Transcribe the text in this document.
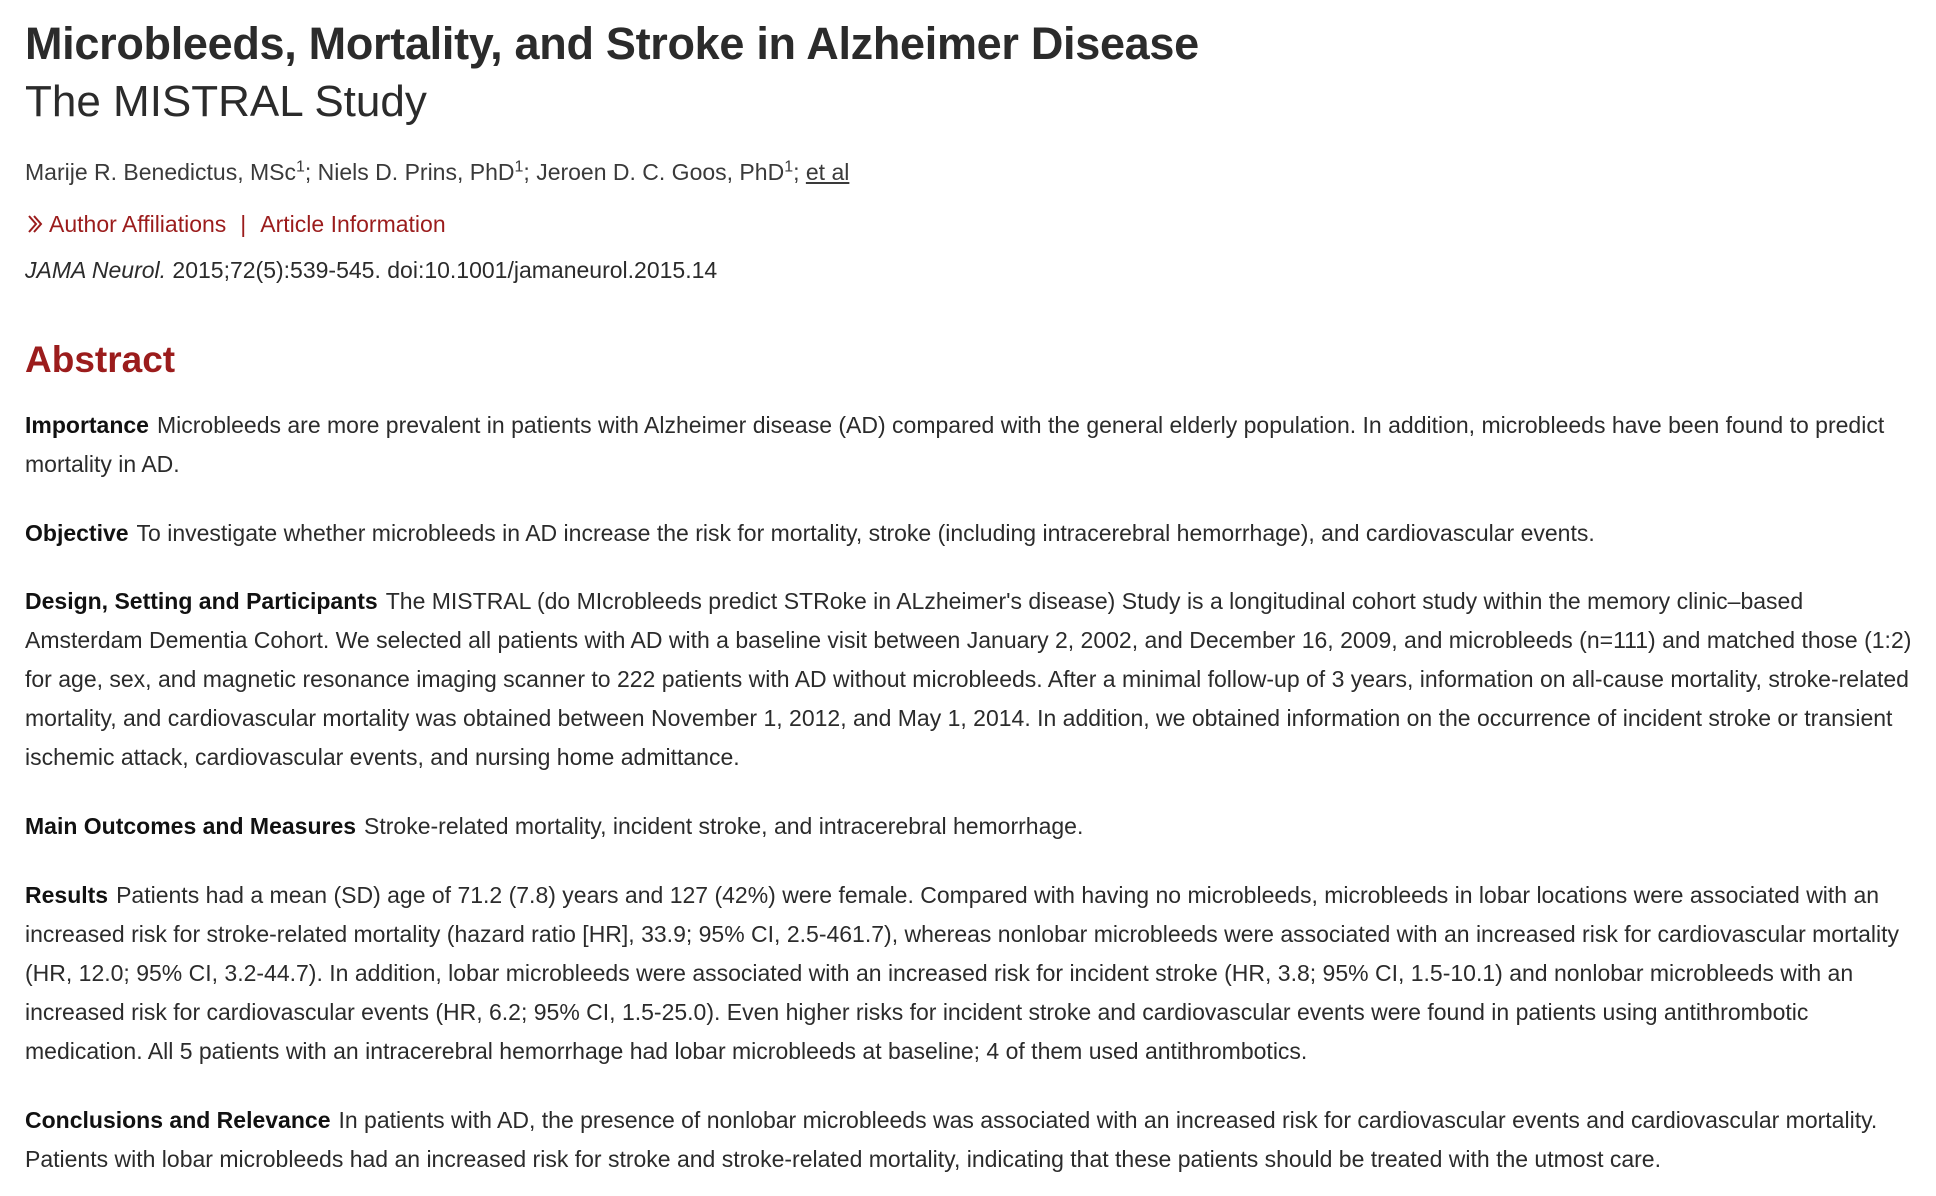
Microbleeds, Mortality, and Stroke in Alzheimer Disease
The MISTRAL Study
Marije R. Benedictus, MSc$^1$; Niels D. Prins, PhD$^1$; Jeroen D. C. Goos, PhD$^1$; et al
Author Affiliations | Article Information
JAMA Neurol. 2015;72(5):539-545. doi:10.1001/jamaneurol.2015.14
Abstract

Importance Microbleeds are more prevalent in patients with Alzheimer disease (AD) compared with the general elderly population. In addition, microbleeds have been found to predict mortality in AD.

Objective To investigate whether microbleeds in AD increase the risk for mortality, stroke (including intracerebral hemorrhage), and cardiovascular events.

Design, Setting and Participants The MISTRAL (do MIcrobleeds predict STRoke in ALzheimer's disease) Study is a longitudinal cohort study within the memory clinic–based Amsterdam Dementia Cohort. We selected all patients with AD with a baseline visit between January 2, 2002, and December 16, 2009, and microbleeds (n=111) and matched those (1:2) for age, sex, and magnetic resonance imaging scanner to 222 patients with AD without microbleeds. After a minimal follow-up of 3 years, information on all-cause mortality, stroke-related mortality, and cardiovascular mortality was obtained between November 1, 2012, and May 1, 2014. In addition, we obtained information on the occurrence of incident stroke or transient ischemic attack, cardiovascular events, and nursing home admittance.

Main Outcomes and Measures Stroke-related mortality, incident stroke, and intracerebral hemorrhage.

Results Patients had a mean (SD) age of 71.2 (7.8) years and 127 (42%) were female. Compared with having no microbleeds, microbleeds in lobar locations were associated with an increased risk for stroke-related mortality (hazard ratio [HR], 33.9; 95% CI, 2.5-461.7), whereas nonlobar microbleeds were associated with an increased risk for cardiovascular mortality (HR, 12.0; 95% CI, 3.2-44.7). In addition, lobar microbleeds were associated with an increased risk for incident stroke (HR, 3.8; 95% CI, 1.5-10.1) and nonlobar microbleeds with an increased risk for cardiovascular events (HR, 6.2; 95% CI, 1.5-25.0). Even higher risks for incident stroke and cardiovascular events were found in patients using antithrombotic medication. All 5 patients with an intracerebral hemorrhage had lobar microbleeds at baseline; 4 of them used antithrombotics.

Conclusions and Relevance In patients with AD, the presence of nonlobar microbleeds was associated with an increased risk for cardiovascular events and cardiovascular mortality. Patients with lobar microbleeds had an increased risk for stroke and stroke-related mortality, indicating that these patients should be treated with the utmost care.
